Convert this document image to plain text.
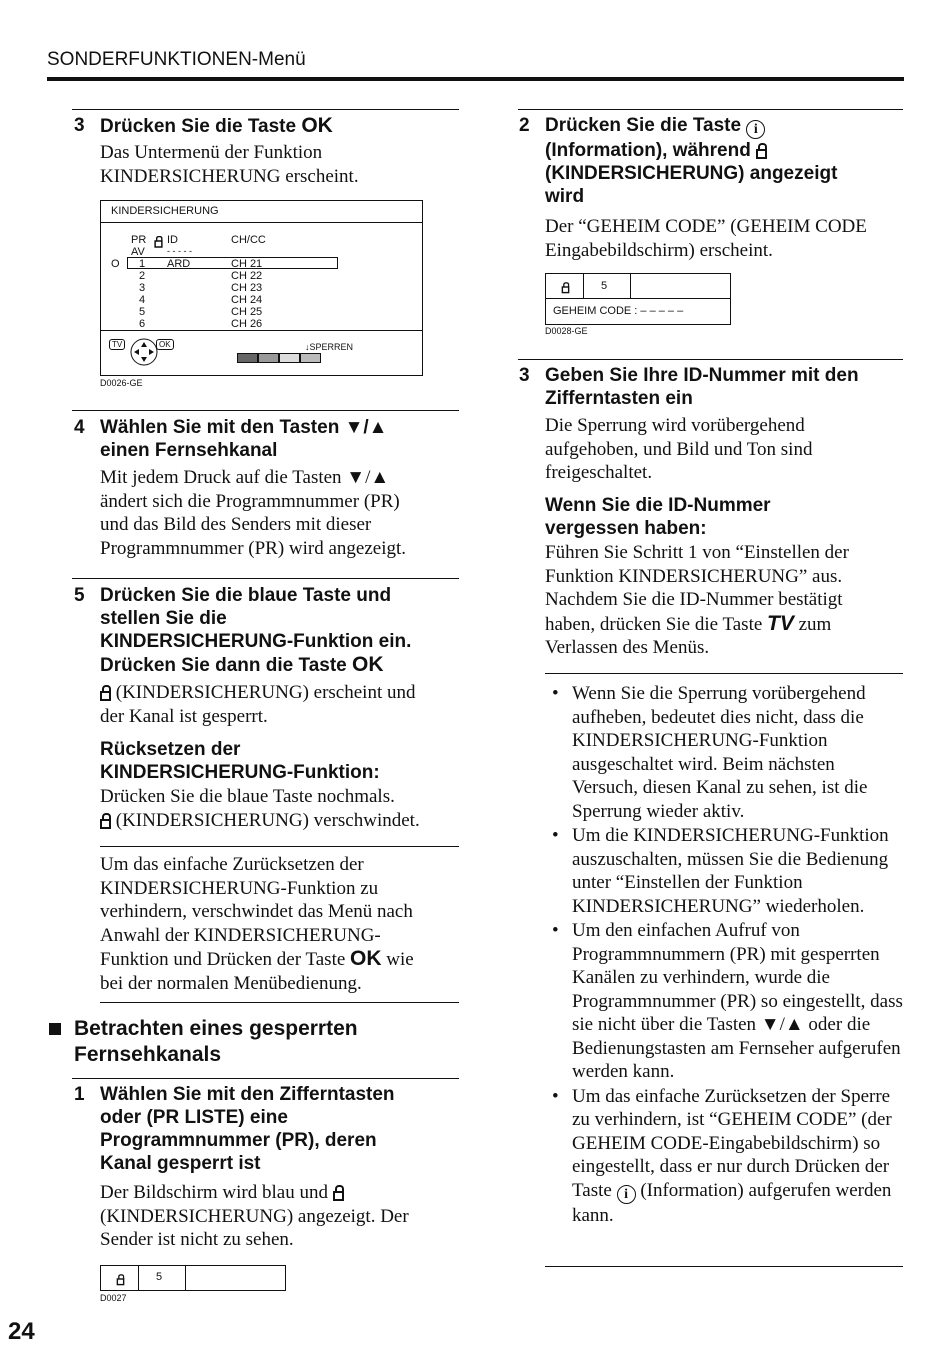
SONDERFUNKTIONEN-Menü
3 Drücken Sie die Taste OK
Das Untermenü der Funktion
KINDERSICHERUNG erscheint.
KINDERSICHERUNG
PR ID	CH/CC
AV - - - - -
O 1 ARD	CH 21
2	CH 22
3	CH 23
4	CH 24
5	CH 25
6	CH 26
TV	OK	↓SPERREN
D0026-GE
4 Wählen Sie mit den Tasten ▼/▲
einen Fernsehkanal
Mit jedem Druck auf die Tasten ▼/▲
ändert sich die Programmnummer (PR)
und das Bild des Senders mit dieser
Programmnummer (PR) wird angezeigt.
5 Drücken Sie die blaue Taste und
stellen Sie die
KINDERSICHERUNG-Funktion ein.
Drücken Sie dann die Taste OK
(KINDERSICHERUNG) erscheint und
der Kanal ist gesperrt.
Rücksetzen der
KINDERSICHERUNG-Funktion:
Drücken Sie die blaue Taste nochmals.
(KINDERSICHERUNG) verschwindet.
Um das einfache Zurücksetzen der
KINDERSICHERUNG-Funktion zu
verhindern, verschwindet das Menü nach
Anwahl der KINDERSICHERUNG-
Funktion und Drücken der Taste OK wie
bei der normalen Menübedienung.
Betrachten eines gesperrten
Fernsehkanals
1 Wählen Sie mit den Zifferntasten
oder (PR LISTE) eine
Programmnummer (PR), deren
Kanal gesperrt ist
Der Bildschirm wird blau und
(KINDERSICHERUNG) angezeigt. Der
Sender ist nicht zu sehen.
5
D0027
2 Drücken Sie die Taste i
(Information), während
(KINDERSICHERUNG) angezeigt
wird
Der “GEHEIM CODE” (GEHEIM CODE
Eingabebildschirm) erscheint.
5
GEHEIM CODE : – – – – –
D0028-GE
3 Geben Sie Ihre ID-Nummer mit den
Zifferntasten ein
Die Sperrung wird vorübergehend
aufgehoben, und Bild und Ton sind
freigeschaltet.
Wenn Sie die ID-Nummer
vergessen haben:
Führen Sie Schritt 1 von “Einstellen der
Funktion KINDERSICHERUNG” aus.
Nachdem Sie die ID-Nummer bestätigt
haben, drücken Sie die Taste TV zum
Verlassen des Menüs.
• Wenn Sie die Sperrung vorübergehend aufheben, bedeutet dies nicht, dass die KINDERSICHERUNG-Funktion ausgeschaltet wird. Beim nächsten Versuch, diesen Kanal zu sehen, ist die Sperrung wieder aktiv.
• Um die KINDERSICHERUNG-Funktion auszuschalten, müssen Sie die Bedienung unter “Einstellen der Funktion KINDERSICHERUNG” wiederholen.
• Um den einfachen Aufruf von Programmnummern (PR) mit gesperrten Kanälen zu verhindern, wurde die Programmnummer (PR) so eingestellt, dass sie nicht über die Tasten ▼/▲ oder die Bedienungstasten am Fernseher aufgerufen werden kann.
• Um das einfache Zurücksetzen der Sperre zu verhindern, ist “GEHEIM CODE” (der GEHEIM CODE-Eingabebildschirm) so eingestellt, dass er nur durch Drücken der Taste i (Information) aufgerufen werden kann.
24
